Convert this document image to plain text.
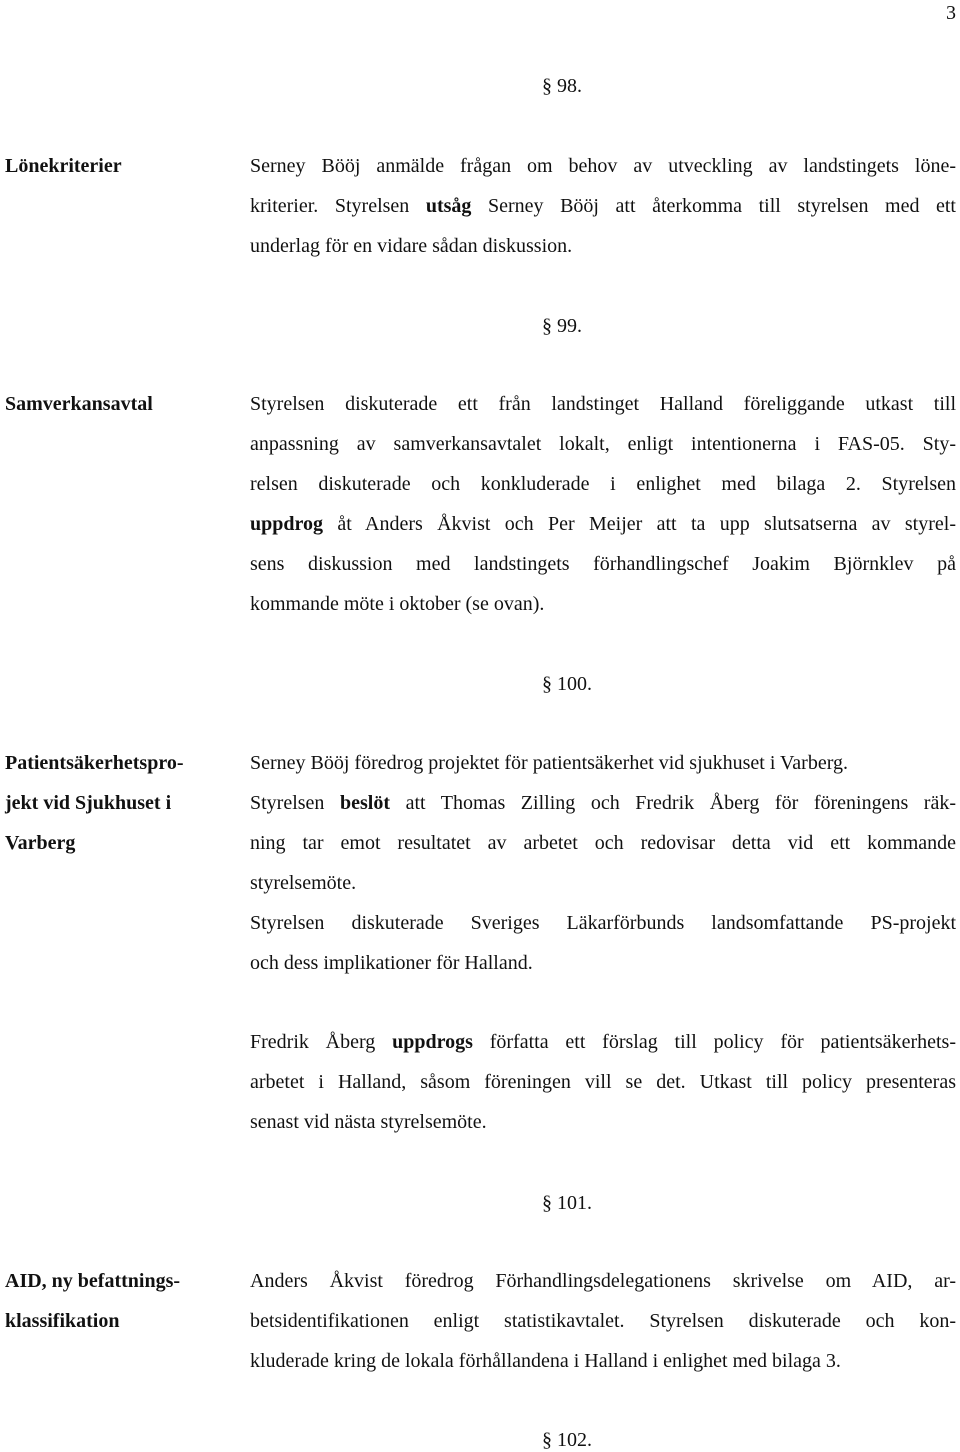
3
§ 98.
Lönekriterier	Serney Bööj anmälde frågan om behov av utveckling av landstingets löne-
kriterier. Styrelsen utsåg Serney Bööj att återkomma till styrelsen med ett
underlag för en vidare sådan diskussion.
§ 99.
Samverkansavtal	Styrelsen diskuterade ett från landstinget Halland föreliggande utkast till
anpassning av samverkansavtalet lokalt, enligt intentionerna i FAS-05. Sty-
relsen diskuterade och konkluderade i enlighet med bilaga 2. Styrelsen
uppdrog åt Anders Åkvist och Per Meijer att ta upp slutsatserna av styrel-
sens diskussion med landstingets förhandlingschef Joakim Björnklev på
kommande möte i oktober (se ovan).
§ 100.
Patientsäkerhetspro-
jekt vid Sjukhuset i
Varberg
Serney Bööj föredrog projektet för patientsäkerhet vid sjukhuset i Varberg.
Styrelsen beslöt att Thomas Zilling och Fredrik Åberg för föreningens räk-
ning tar emot resultatet av arbetet och redovisar detta vid ett kommande
styrelsemöte.
Styrelsen diskuterade Sveriges Läkarförbunds landsomfattande PS-projekt
och dess implikationer för Halland.
Fredrik Åberg uppdrogs författa ett förslag till policy för patientsäkerhets-
arbetet i Halland, såsom föreningen vill se det. Utkast till policy presenteras
senast vid nästa styrelsemöte.
§ 101.
AID, ny befattnings-
klassifikation
Anders Åkvist föredrog Förhandlingsdelegationens skrivelse om AID, ar-
betsidentifikationen enligt statistikavtalet. Styrelsen diskuterade och kon-
kluderade kring de lokala förhållandena i Halland i enlighet med bilaga 3.
§ 102.
